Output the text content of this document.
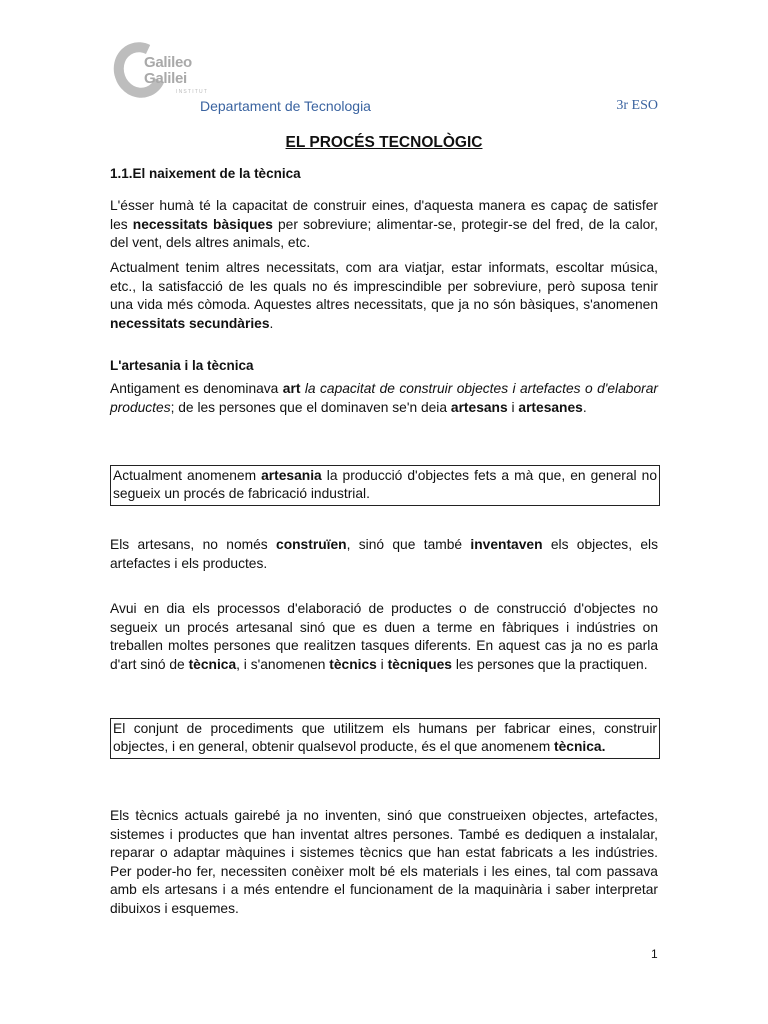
Galileo
Galilei
INSTITUT
Departament de Tecnologia	3r ESO
EL PROCÉS TECNOLÒGIC
1.1.El naixement de la tècnica

L'ésser humà té la capacitat de construir eines, d'aquesta manera es capaç de satisfer les necessitats bàsiques per sobreviure; alimentar-se, protegir-se del fred, de la calor, del vent, dels altres animals, etc.

Actualment tenim altres necessitats, com ara viatjar, estar informats, escoltar música, etc., la satisfacció de les quals no és imprescindible per sobreviure, però suposa tenir una vida més còmoda. Aquestes altres necessitats, que ja no són bàsiques, s'anomenen necessitats secundàries.

L'artesania i la tècnica

Antigament es denominava art la capacitat de construir objectes i artefactes o d'elaborar productes; de les persones que el dominaven se'n deia artesans i artesanes.

Actualment anomenem artesania la producció d'objectes fets a mà que, en general no segueix un procés de fabricació industrial.

Els artesans, no només construïen, sinó que també inventaven els objectes, els artefactes i els productes.

Avui en dia els processos d'elaboració de productes o de construcció d'objectes no segueix un procés artesanal sinó que es duen a terme en fàbriques i indústries on treballen moltes persones que realitzen tasques diferents. En aquest cas ja no es parla d'art sinó de tècnica, i s'anomenen tècnics i tècniques les persones que la practiquen.

El conjunt de procediments que utilitzem els humans per fabricar eines, construir objectes, i en general, obtenir qualsevol producte, és el que anomenem tècnica.

Els tècnics actuals gairebé ja no inventen, sinó que construeixen objectes, artefactes, sistemes i productes que han inventat altres persones. També es dediquen a instalalar, reparar o adaptar màquines i sistemes tècnics que han estat fabricats a les indústries. Per poder-ho fer, necessiten conèixer molt bé els materials i les eines, tal com passava amb els artesans i a més entendre el funcionament de la maquinària i saber interpretar dibuixos i esquemes.

1
